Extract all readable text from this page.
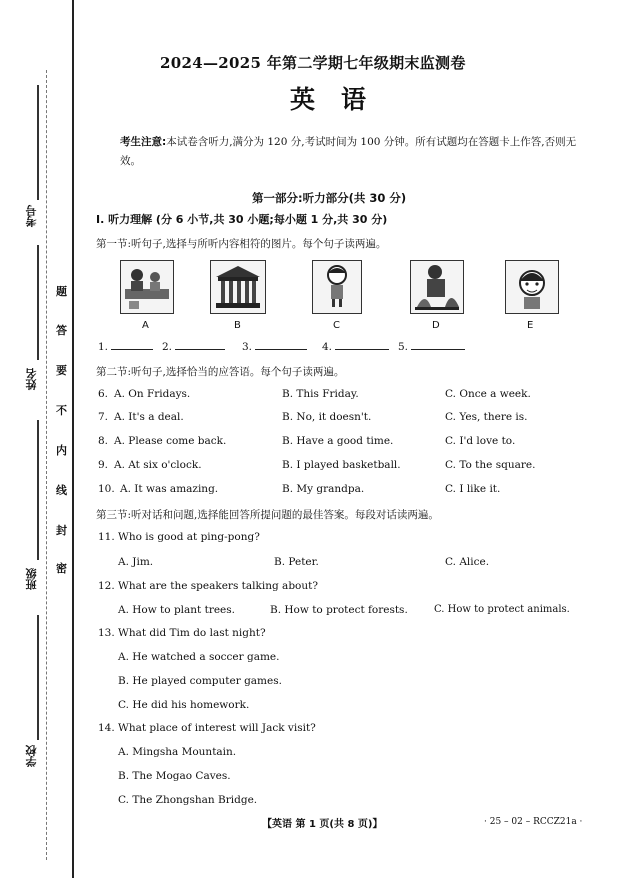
考号
姓名
班级
学校
题
答
要
不
内
线
封
密
2024—2025 年第二学期七年级期末监测卷
英语
考生注意:本试卷含听力,满分为 120 分,考试时间为 100 分钟。所有试题均在答题卡上作答,否则无效。
第一部分:听力部分(共 30 分)
I. 听力理解 (分 6 小节,共 30 小题;每小题 1 分,共 30 分)
第一节:听句子,选择与所听内容相符的图片。每个句子读两遍。
A	B	C	D	E
1.	2.	3.	4.	5.
第二节:听句子,选择恰当的应答语。每个句子读两遍。
6. A. On Fridays.	B. This Friday.	C. Once a week.
7. A. It's a deal.	B. No, it doesn't.	C. Yes, there is.
8. A. Please come back.	B. Have a good time.	C. I'd love to.
9. A. At six o'clock.	B. I played basketball.	C. To the square.
10. A. It was amazing.	B. My grandpa.	C. I like it.
第三节:听对话和问题,选择能回答所提问题的最佳答案。每段对话读两遍。
11. Who is good at ping-pong?
A. Jim.	B. Peter.	C. Alice.
12. What are the speakers talking about?
A. How to plant trees.	B. How to protect forests.	C. How to protect animals.
13. What did Tim do last night?
A. He watched a soccer game.
B. He played computer games.
C. He did his homework.
14. What place of interest will Jack visit?
A. Mingsha Mountain.
B. The Mogao Caves.
C. The Zhongshan Bridge.
【英语 第 1 页(共 8 页)】	· 25 – 02 – RCCZ21a ·
